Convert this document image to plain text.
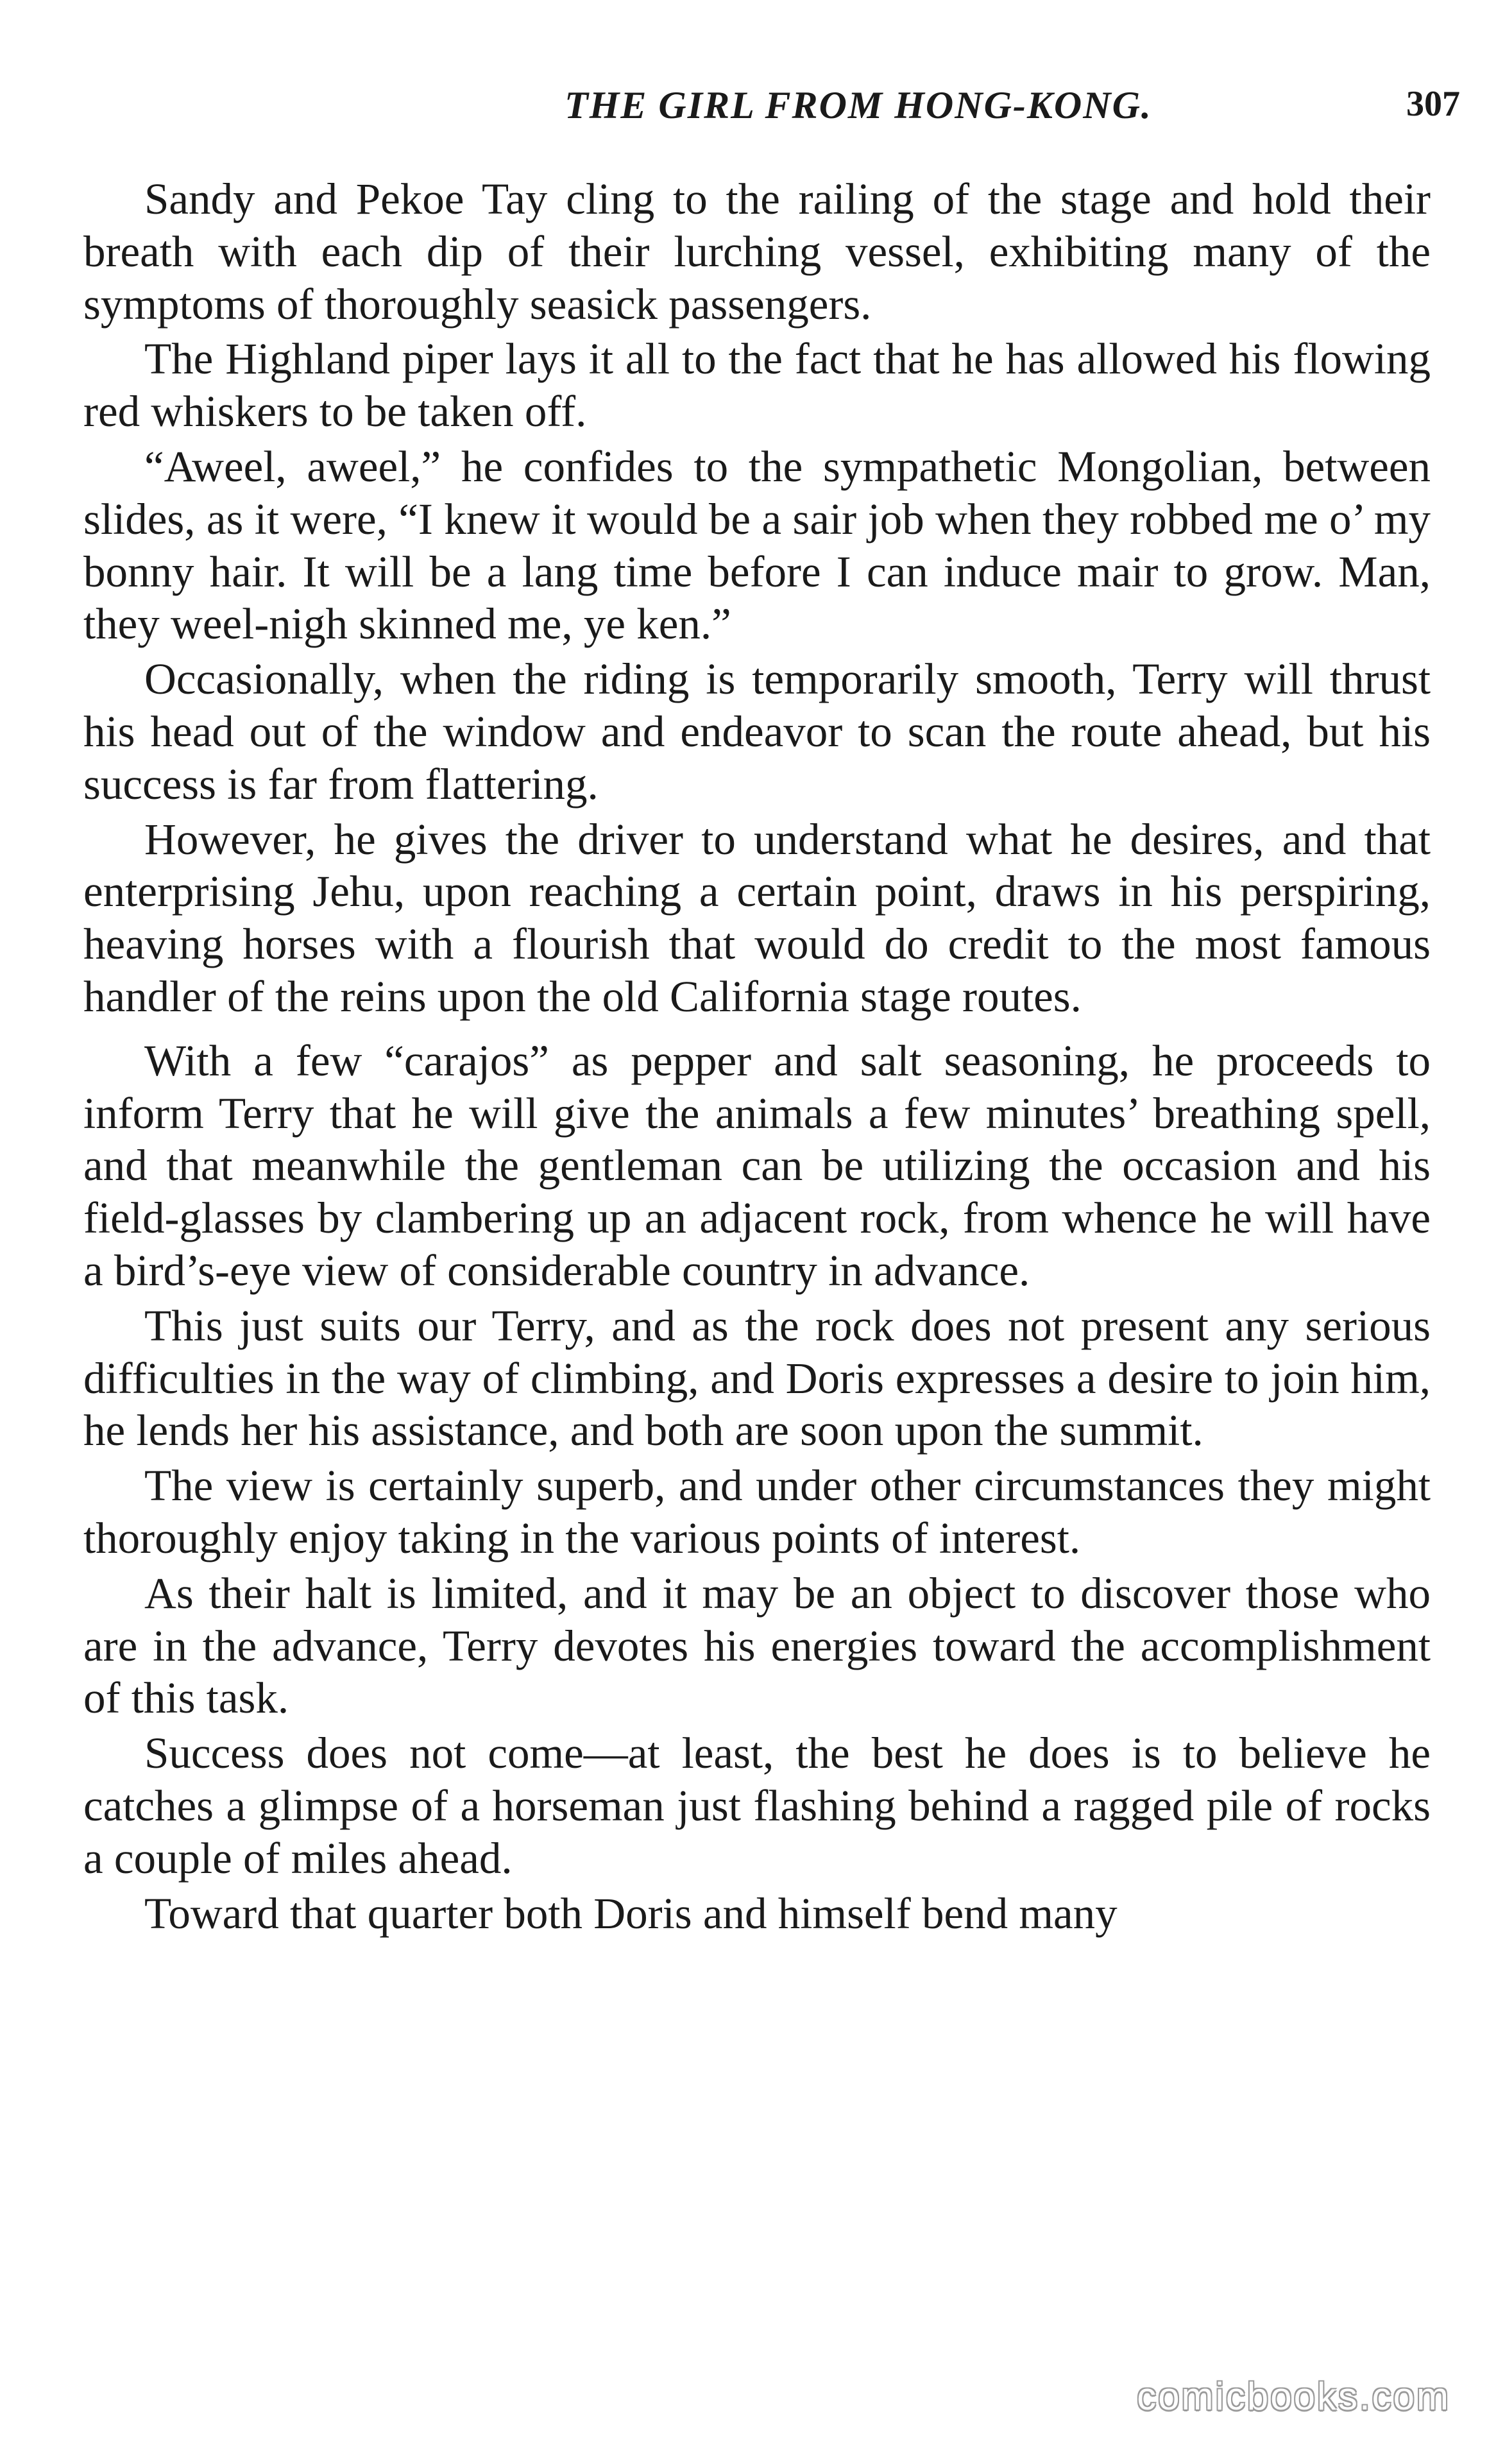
THE GIRL FROM HONG-KONG.	307

Sandy and Pekoe Tay cling to the railing of the stage and hold their breath with each dip of their lurching vessel, exhibiting many of the symptoms of thoroughly seasick passengers.

The Highland piper lays it all to the fact that he has allowed his flowing red whiskers to be taken off.

“Aweel, aweel,” he confides to the sympathetic Mongolian, between slides, as it were, “I knew it would be a sair job when they robbed me o’ my bonny hair. It will be a lang time before I can induce mair to grow. Man, they weel-nigh skinned me, ye ken.”

Occasionally, when the riding is temporarily smooth, Terry will thrust his head out of the window and endeavor to scan the route ahead, but his success is far from flattering.

However, he gives the driver to understand what he desires, and that enterprising Jehu, upon reaching a certain point, draws in his perspiring, heaving horses with a flourish that would do credit to the most famous handler of the reins upon the old California stage routes.

With a few “carajos” as pepper and salt seasoning, he proceeds to inform Terry that he will give the animals a few minutes’ breathing spell, and that meanwhile the gentleman can be utilizing the occasion and his field-glasses by clambering up an adjacent rock, from whence he will have a bird’s-eye view of considerable country in advance.

This just suits our Terry, and as the rock does not present any serious difficulties in the way of climbing, and Doris expresses a desire to join him, he lends her his assistance, and both are soon upon the summit.

The view is certainly superb, and under other circumstances they might thoroughly enjoy taking in the various points of interest.

As their halt is limited, and it may be an object to discover those who are in the advance, Terry devotes his energies toward the accomplishment of this task.

Success does not come—at least, the best he does is to believe he catches a glimpse of a horseman just flashing behind a ragged pile of rocks a couple of miles ahead.

Toward that quarter both Doris and himself bend many

comicbooks.com
